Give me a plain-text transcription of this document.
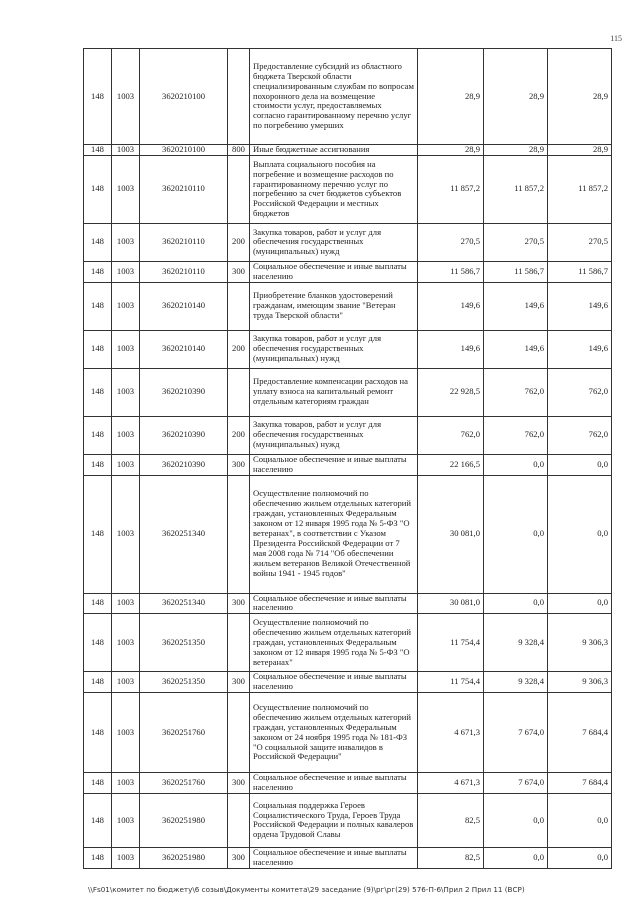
115
148	1003	3620210100		Предоставление субсидий из областного бюджета Тверской области специализированным службам по вопросам похоронного дела на возмещение стоимости услуг, предоставляемых согласно гарантированному перечню услуг по погребению умерших	28,9	28,9	28,9
148	1003	3620210100	800	Иные бюджетные ассигнования	28,9	28,9	28,9
148	1003	3620210110		Выплата социального пособия на погребение и возмещение расходов по гарантированному перечню услуг по погребению за счет бюджетов субъектов Российской Федерации и местных бюджетов	11 857,2	11 857,2	11 857,2
148	1003	3620210110	200	Закупка товаров, работ и услуг для обеспечения государственных (муниципальных) нужд	270,5	270,5	270,5
148	1003	3620210110	300	Социальное обеспечение и иные выплаты населению	11 586,7	11 586,7	11 586,7
148	1003	3620210140		Приобретение бланков удостоверений гражданам, имеющим звание "Ветеран труда Тверской области"	149,6	149,6	149,6
148	1003	3620210140	200	Закупка товаров, работ и услуг для обеспечения государственных (муниципальных) нужд	149,6	149,6	149,6
148	1003	3620210390		Предоставление компенсации расходов на уплату взноса на капитальный ремонт отдельным категориям граждан	22 928,5	762,0	762,0
148	1003	3620210390	200	Закупка товаров, работ и услуг для обеспечения государственных (муниципальных) нужд	762,0	762,0	762,0
148	1003	3620210390	300	Социальное обеспечение и иные выплаты населению	22 166,5	0,0	0,0
148	1003	3620251340		Осуществление полномочий по обеспечению жильем отдельных категорий граждан, установленных Федеральным законом от 12 января 1995 года № 5-ФЗ "О ветеранах", в соответствии с Указом Президента Российской Федерации от 7 мая 2008 года № 714 "Об обеспечении жильем ветеранов Великой Отечественной войны 1941 - 1945 годов"	30 081,0	0,0	0,0
148	1003	3620251340	300	Социальное обеспечение и иные выплаты населению	30 081,0	0,0	0,0
148	1003	3620251350		Осуществление полномочий по обеспечению жильем отдельных категорий граждан, установленных Федеральным законом от 12 января 1995 года № 5-ФЗ "О ветеранах"	11 754,4	9 328,4	9 306,3
148	1003	3620251350	300	Социальное обеспечение и иные выплаты населению	11 754,4	9 328,4	9 306,3
148	1003	3620251760		Осуществление полномочий по обеспечению жильем отдельных категорий граждан, установленных Федеральным законом от 24 ноября 1995 года № 181-ФЗ "О социальной защите инвалидов в Российской Федерации"	4 671,3	7 674,0	7 684,4
148	1003	3620251760	300	Социальное обеспечение и иные выплаты населению	4 671,3	7 674,0	7 684,4
148	1003	3620251980		Социальная поддержка Героев Социалистического Труда, Героев Труда Российской Федерации и полных кавалеров ордена Трудовой Славы	82,5	0,0	0,0
148	1003	3620251980	300	Социальное обеспечение и иные выплаты населению	82,5	0,0	0,0
\\Fs01\комитет по бюджету\6 созыв\Документы комитета\29 заседание (9)\рг\рг(29) 576-П-6\Прил 2 Прил 11 (ВСР)
